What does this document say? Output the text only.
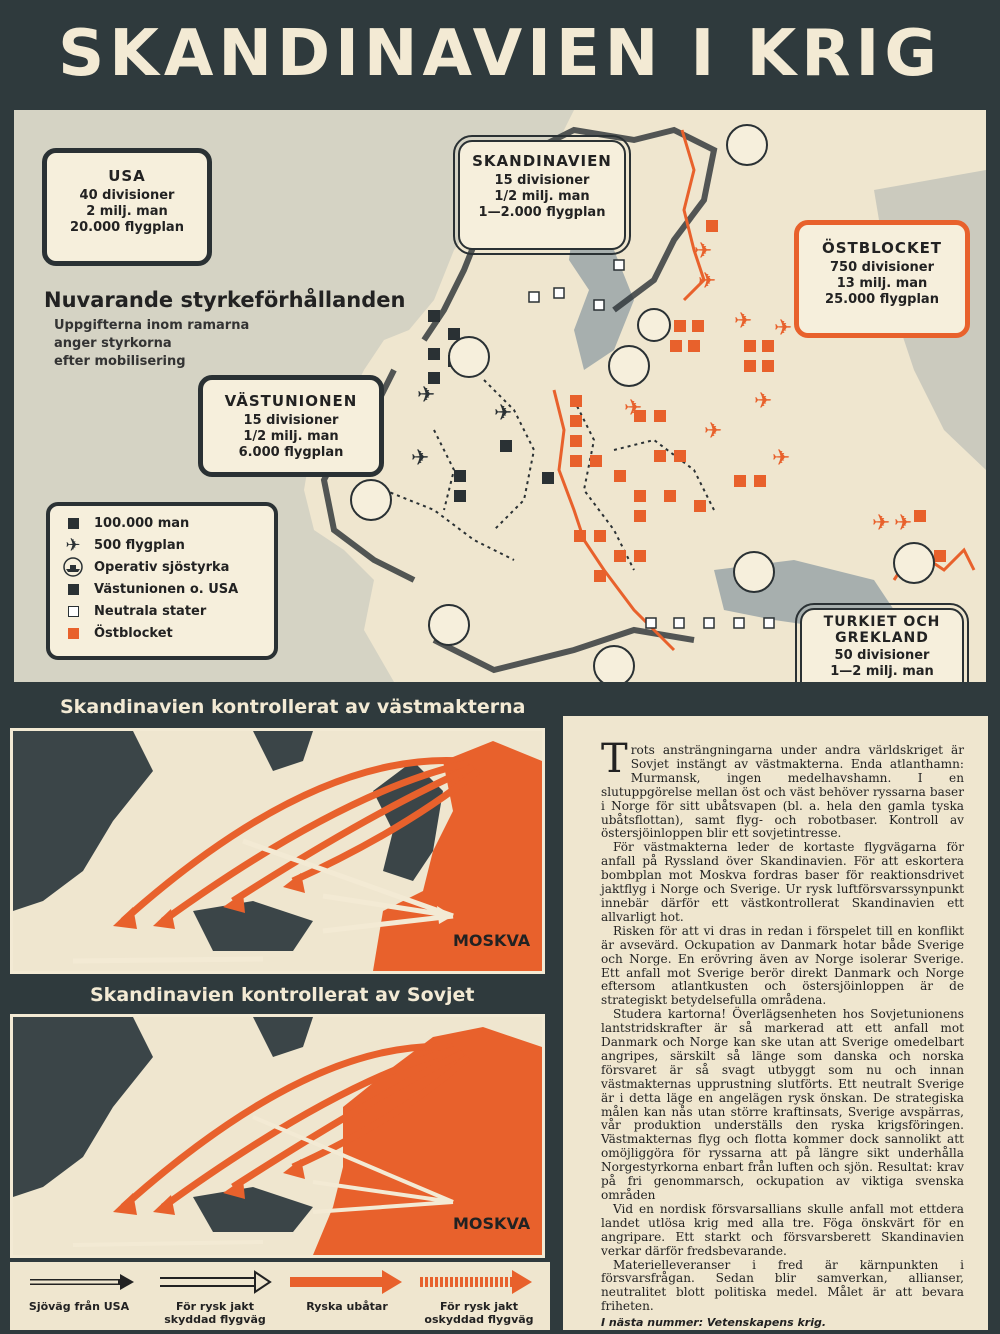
SKANDINAVIEN I KRIG
✈
✈
✈
✈
✈
✈
✈ ✈
✈
✈
✈ ✈
✈
USA
40 divisioner
2 milj. man
20.000 flygplan
SKANDINAVIEN
15 divisioner
1/2 milj. man
1—2.000 flygplan
ÖSTBLOCKET
750 divisioner
13 milj. man
25.000 flygplan
VÄSTUNIONEN
15 divisioner
1/2 milj. man
6.000 flygplan
TURKIET OCH GREKLAND
50 divisioner
1—2 milj. man
Nuvarande styrkeförhållanden
Uppgifterna inom ramarna
anger styrkorna
efter mobilisering
100.000 man
✈	500 flygplan
Operativ sjöstyrka
Västunionen o. USA
Neutrala stater
Östblocket
Skandinavien kontrollerat av västmakterna
MOSKVA
Skandinavien kontrollerat av Sovjet
MOSKVA
Sjöväg från USA	För rysk jakt skyddad flygväg
Ryska ubåtar	För rysk jakt oskyddad flygväg

Trots ansträngningarna under andra världskriget är Sovjet instängt av västmakterna. Enda atlanthamn: Murmansk, ingen medelhavshamn. I en slutuppgörelse mellan öst och väst behöver ryssarna baser i Norge för sitt ubåtsvapen (bl. a. hela den gamla tyska ubåtsflottan), samt flyg- och robotbaser. Kontroll av östersjöinloppen blir ett sovjetintresse.

För västmakterna leder de kortaste flygvägarna för anfall på Ryssland över Skandinavien. För att eskortera bombplan mot Moskva fordras baser för reaktionsdrivet jaktflyg i Norge och Sverige. Ur rysk luftförsvarssynpunkt innebär därför ett västkontrollerat Skandinavien ett allvarligt hot.

Risken för att vi dras in redan i förspelet till en konflikt är avsevärd. Ockupation av Danmark hotar både Sverige och Norge. En erövring även av Norge isolerar Sverige. Ett anfall mot Sverige berör direkt Danmark och Norge eftersom atlantkusten och östersjöinloppen är de strategiskt betydelsefulla områdena.

Studera kartorna! Överlägsenheten hos Sovjetunionens lantstridskrafter är så markerad att ett anfall mot Danmark och Norge kan ske utan att Sverige omedelbart angripes, särskilt så länge som danska och norska försvaret är så svagt utbyggt som nu och innan västmakternas upprustning slutförts. Ett neutralt Sverige är i detta läge en angelägen rysk önskan. De strategiska målen kan nås utan större kraftinsats, Sverige avspärras, vår produktion underställs den ryska krigsföringen. Västmakternas flyg och flotta kommer dock sannolikt att omöjliggöra för ryssarna att på längre sikt underhålla Norgestyrkorna enbart från luften och sjön. Resultat: krav på fri genommarsch, ockupation av viktiga svenska områden

Vid en nordisk försvarsallians skulle anfall mot ettdera landet utlösa krig med alla tre. Föga önskvärt för en angripare. Ett starkt och försvarsberett Skandinavien verkar därför fredsbevarande.

Materielleveranser i fred är kärnpunkten i försvarsfrågan. Sedan blir samverkan, allianser, neutralitet blott politiska medel. Målet är att bevara friheten.

I nästa nummer: Vetenskapens krig.
